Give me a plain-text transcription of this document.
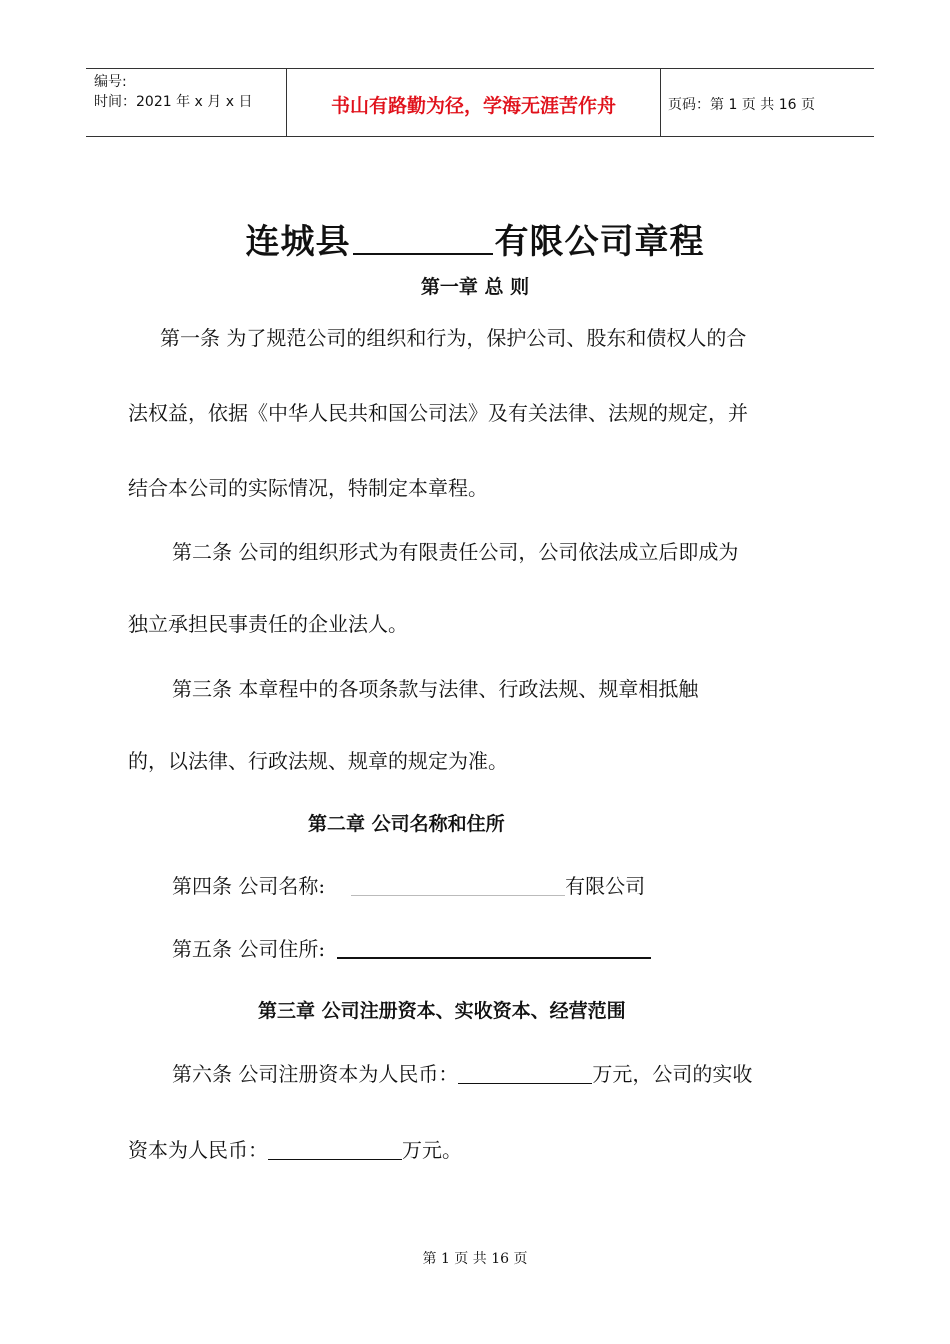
编号:
时间：2021 年 x 月 x 日	书山有路勤为径，学海无涯苦作舟	页码：第 1 页 共 16 页
连城县	有限公司章程
第一章 总 则
第一条 为了规范公司的组织和行为，保护公司、股东和债权人的合
法权益，依据《中华人民共和国公司法》及有关法律、法规的规定，并
结合本公司的实际情况，特制定本章程。
第二条 公司的组织形式为有限责任公司，公司依法成立后即成为
独立承担民事责任的企业法人。
第三条 本章程中的各项条款与法律、行政法规、规章相抵触
的，以法律、行政法规、规章的规定为准。
第二章 公司名称和住所
第四条 公司名称:	有限公司
第五条 公司住所:
第三章 公司注册资本、实收资本、经营范围
第六条 公司注册资本为人民币：	万元，公司的实收
资本为人民币：	万元。
第 1 页 共 16 页
